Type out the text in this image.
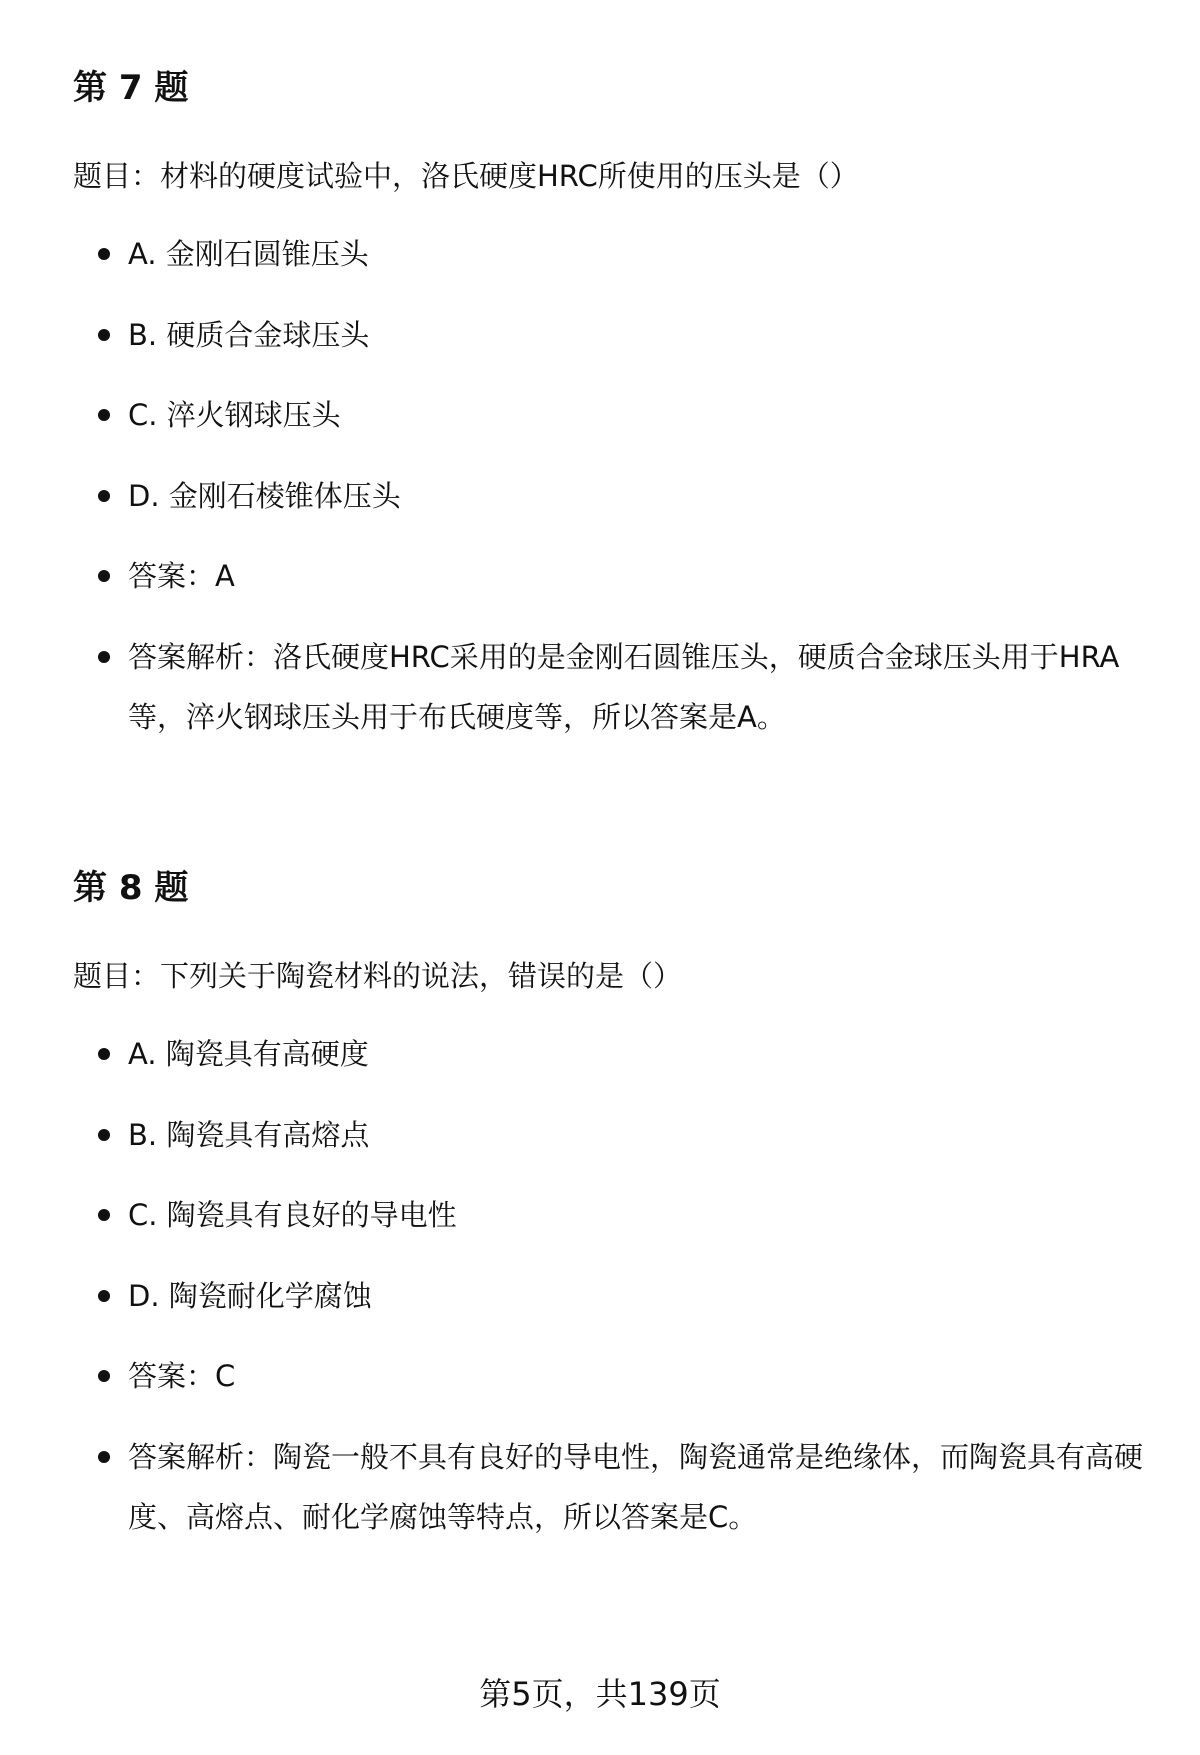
第 7 题

题目：材料的硬度试验中，洛氏硬度HRC所使用的压头是（）

A. 金刚石圆锥压头
B. 硬质合金球压头
C. 淬火钢球压头
D. 金刚石棱锥体压头
答案：A
答案解析：洛氏硬度HRC采用的是金刚石圆锥压头，硬质合金球压头用于HRA等，淬火钢球压头用于布氏硬度等，所以答案是A。
第 8 题

题目：下列关于陶瓷材料的说法，错误的是（）

A. 陶瓷具有高硬度
B. 陶瓷具有高熔点
C. 陶瓷具有良好的导电性
D. 陶瓷耐化学腐蚀
答案：C
答案解析：陶瓷一般不具有良好的导电性，陶瓷通常是绝缘体，而陶瓷具有高硬度、高熔点、耐化学腐蚀等特点，所以答案是C。
第5页，共139页
